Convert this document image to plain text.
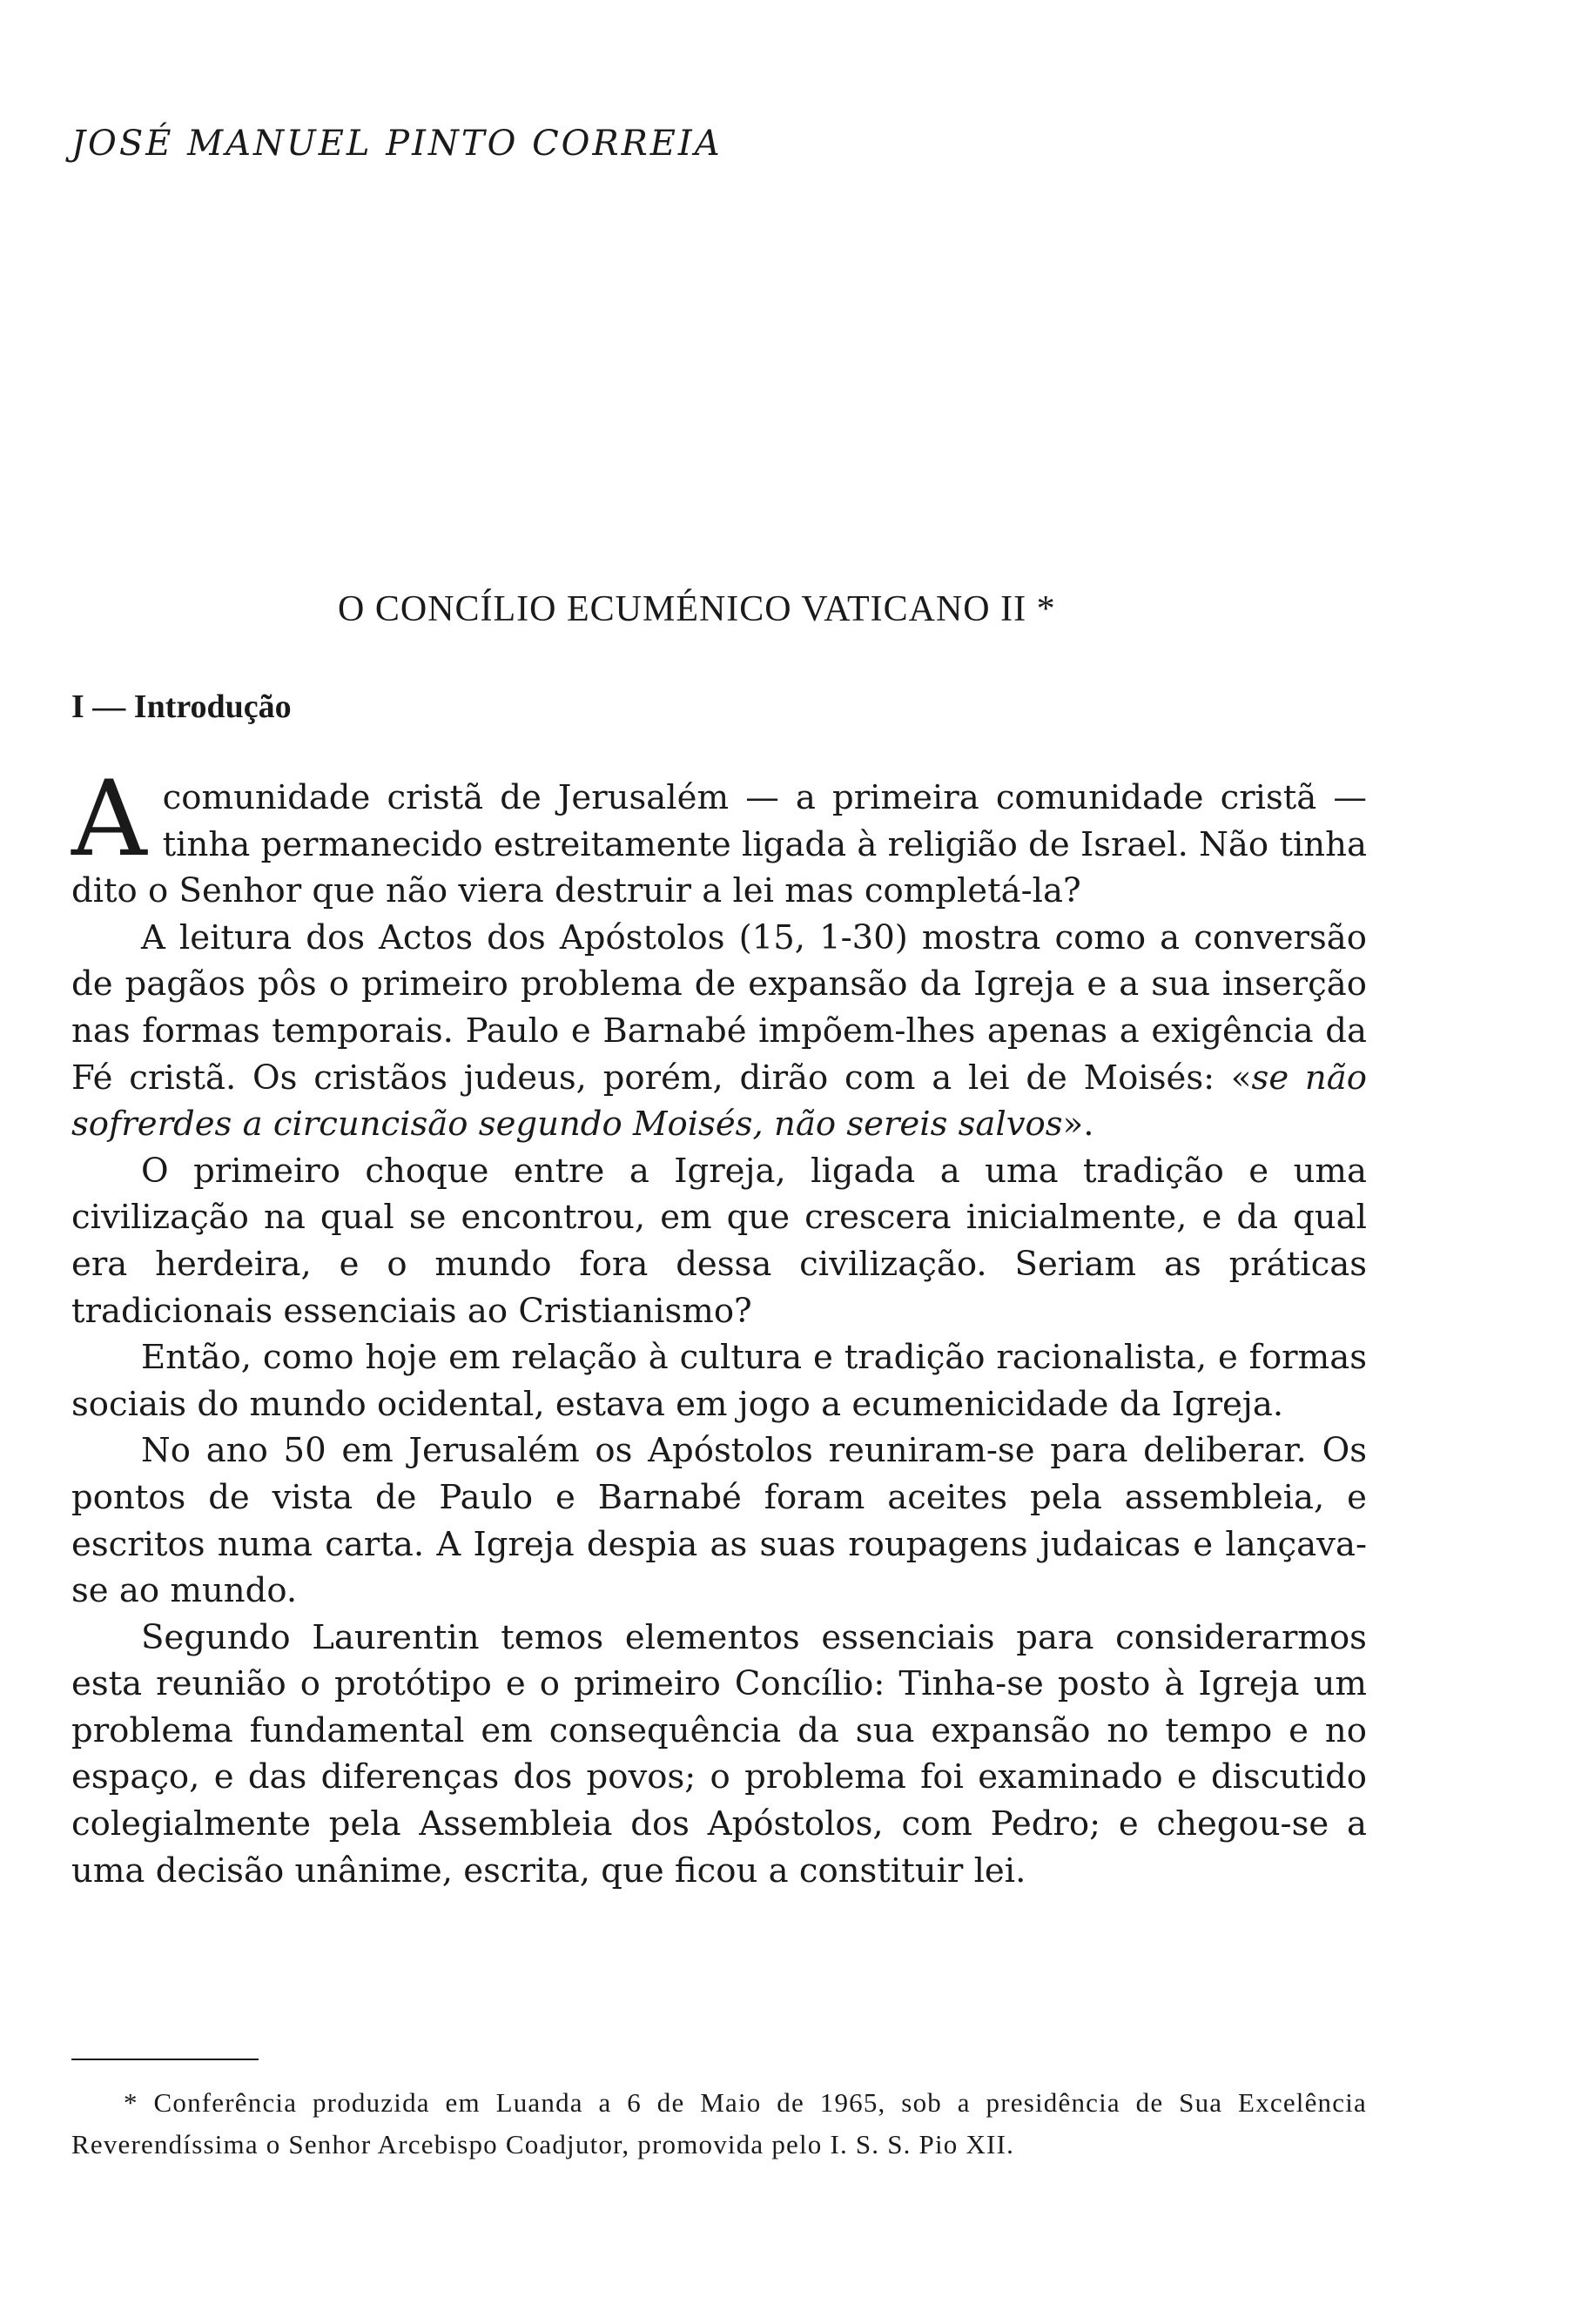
JOSÉ MANUEL PINTO CORREIA
O CONCÍLIO ECUMÉNICO VATICANO II *
I — Introdução

Acomunidade cristã de Jerusalém — a primeira comunidade cristã — tinha permanecido estreitamente ligada à religião de Israel. Não tinha dito o Senhor que não viera destruir a lei mas completá-la?

A leitura dos Actos dos Apóstolos (15, 1-30) mostra como a conversão de pagãos pôs o primeiro problema de expansão da Igreja e a sua inserção nas formas temporais. Paulo e Barnabé impõem-lhes apenas a exigência da Fé cristã. Os cristãos judeus, porém, dirão com a lei de Moisés: «se não sofrerdes a circuncisão segundo Moisés, não sereis salvos».

O primeiro choque entre a Igreja, ligada a uma tradição e uma civilização na qual se encontrou, em que crescera inicialmente, e da qual era herdeira, e o mundo fora dessa civilização. Seriam as práticas tradicionais essenciais ao Cristianismo?

Então, como hoje em relação à cultura e tradição racionalista, e formas sociais do mundo ocidental, estava em jogo a ecumenicidade da Igreja.

No ano 50 em Jerusalém os Apóstolos reuniram-se para deliberar. Os pontos de vista de Paulo e Barnabé foram aceites pela assembleia, e escritos numa carta. A Igreja despia as suas roupagens judaicas e lançava-se ao mundo.

Segundo Laurentin temos elementos essenciais para considerarmos esta reunião o protótipo e o primeiro Concílio: Tinha-se posto à Igreja um problema fundamental em consequência da sua expansão no tempo e no espaço, e das diferenças dos povos; o problema foi examinado e discutido colegialmente pela Assembleia dos Apóstolos, com Pedro; e chegou-se a uma decisão unânime, escrita, que ficou a constituir lei.

* Conferência produzida em Luanda a 6 de Maio de 1965, sob a presidência de Sua Excelência Reverendíssima o Senhor Arcebispo Coadjutor, promovida pelo I. S. S. Pio XII.
